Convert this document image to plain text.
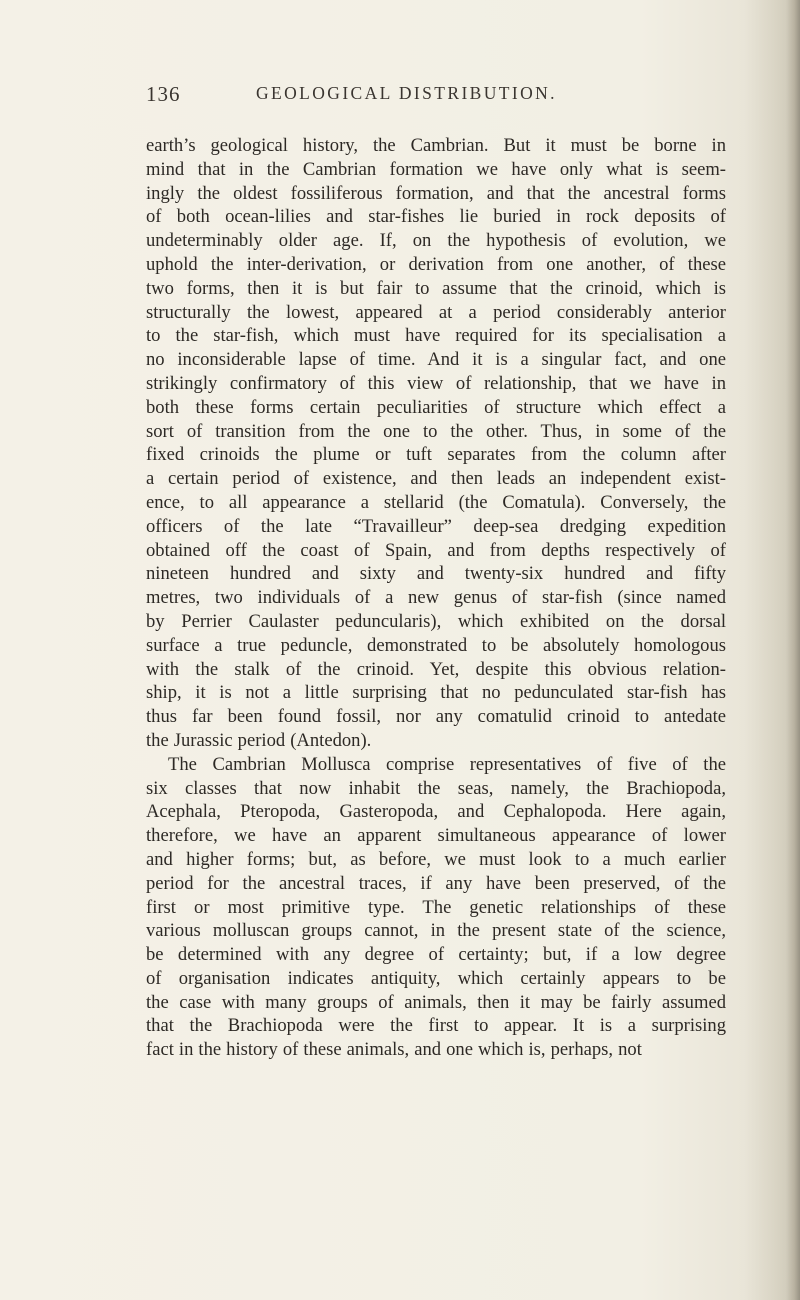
136	GEOLOGICAL DISTRIBUTION.
earth’s geological history, the Cambrian. But it must be borne in
mind that in the Cambrian formation we have only what is seem-
ingly the oldest fossiliferous formation, and that the ancestral forms
of both ocean-lilies and star-fishes lie buried in rock deposits of
undeterminably older age. If, on the hypothesis of evolution, we
uphold the inter-derivation, or derivation from one another, of these
two forms, then it is but fair to assume that the crinoid, which is
structurally the lowest, appeared at a period considerably anterior
to the star-fish, which must have required for its specialisation a
no inconsiderable lapse of time. And it is a singular fact, and one
strikingly confirmatory of this view of relationship, that we have in
both these forms certain peculiarities of structure which effect a
sort of transition from the one to the other. Thus, in some of the
fixed crinoids the plume or tuft separates from the column after
a certain period of existence, and then leads an independent exist-
ence, to all appearance a stellarid (the Comatula). Conversely, the
officers of the late “Travailleur” deep-sea dredging expedition
obtained off the coast of Spain, and from depths respectively of
nineteen hundred and sixty and twenty-six hundred and fifty
metres, two individuals of a new genus of star-fish (since named
by Perrier Caulaster peduncularis), which exhibited on the dorsal
surface a true peduncle, demonstrated to be absolutely homologous
with the stalk of the crinoid. Yet, despite this obvious relation-
ship, it is not a little surprising that no pedunculated star-fish has
thus far been found fossil, nor any comatulid crinoid to antedate
the Jurassic period (Antedon).
The Cambrian Mollusca comprise representatives of five of the
six classes that now inhabit the seas, namely, the Brachiopoda,
Acephala, Pteropoda, Gasteropoda, and Cephalopoda. Here again,
therefore, we have an apparent simultaneous appearance of lower
and higher forms; but, as before, we must look to a much earlier
period for the ancestral traces, if any have been preserved, of the
first or most primitive type. The genetic relationships of these
various molluscan groups cannot, in the present state of the science,
be determined with any degree of certainty; but, if a low degree
of organisation indicates antiquity, which certainly appears to be
the case with many groups of animals, then it may be fairly assumed
that the Brachiopoda were the first to appear. It is a surprising
fact in the history of these animals, and one which is, perhaps, not
